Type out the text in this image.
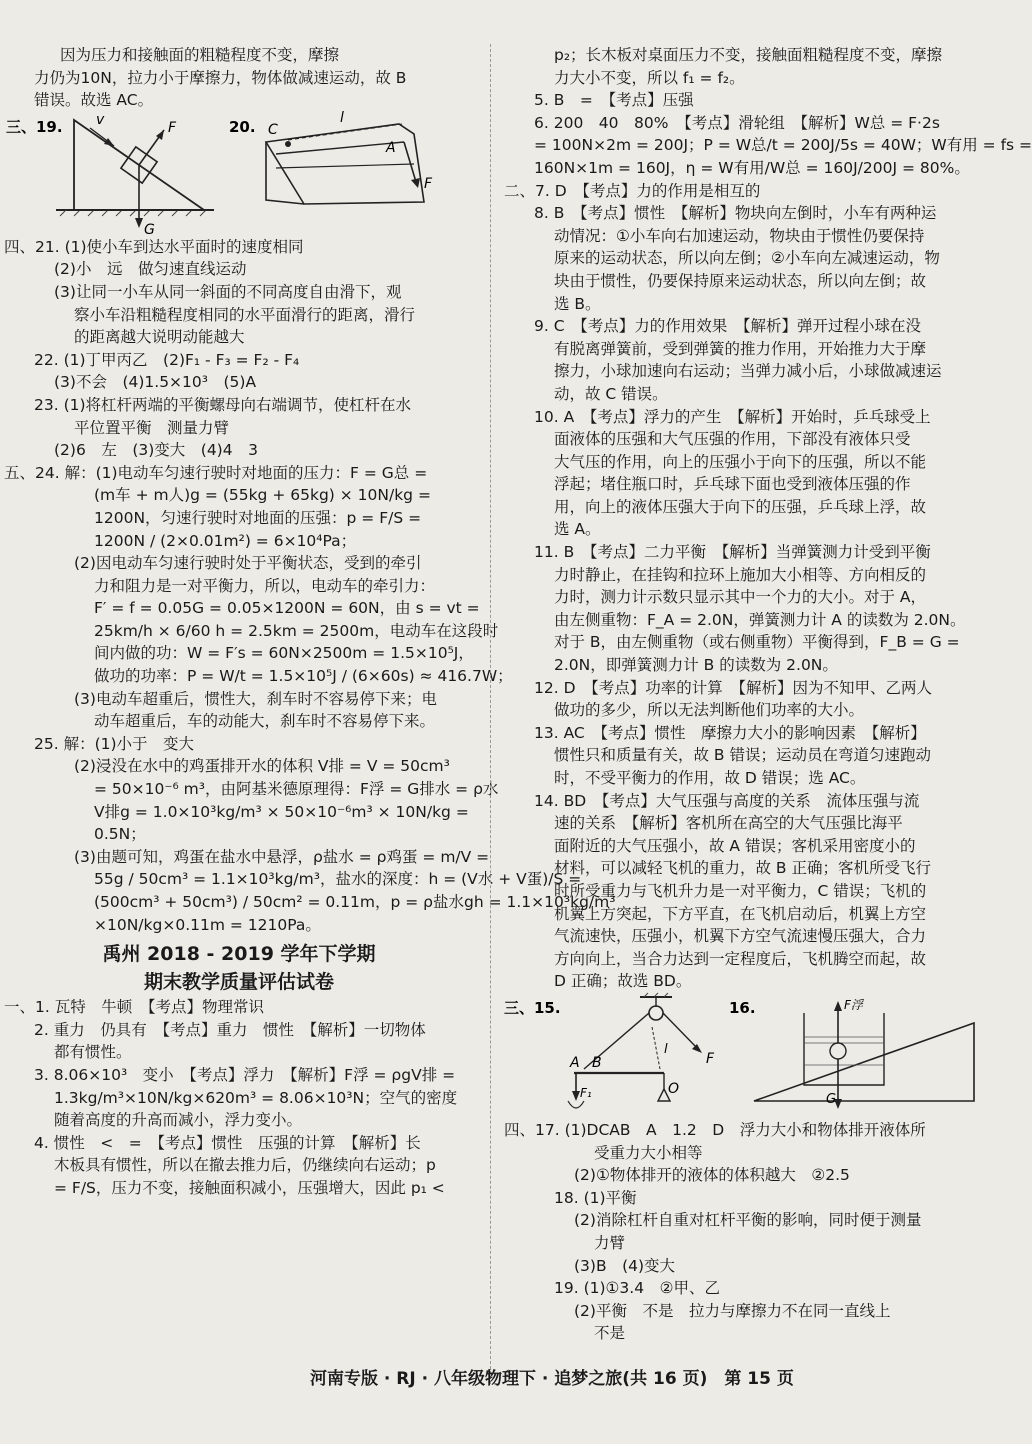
因为压力和接触面的粗糙程度不变，摩擦
力仍为10N，拉力小于摩擦力，物体做减速运动，故 B
错误。故选 AC。
三、19.	F
v
G
20. C
l
A
F
四、21. (1)使小车到达水平面时的速度相同
(2)小　远　做匀速直线运动
(3)让同一小车从同一斜面的不同高度自由滑下，观
察小车沿粗糙程度相同的水平面滑行的距离，滑行
的距离越大说明动能越大
22. (1)丁甲丙乙　(2)F₁ - F₃ = F₂ - F₄
(3)不会　(4)1.5×10³　(5)A
23. (1)将杠杆两端的平衡螺母向右端调节，使杠杆在水
平位置平衡　测量力臂
(2)6　左　(3)变大　(4)4　3
五、24. 解：(1)电动车匀速行驶时对地面的压力：F = G总 =
(m车 + m人)g = (55kg + 65kg) × 10N/kg =
1200N，匀速行驶时对地面的压强：p = F/S =
1200N / (2×0.01m²) = 6×10⁴Pa；
(2)因电动车匀速行驶时处于平衡状态，受到的牵引
力和阻力是一对平衡力，所以，电动车的牵引力：
F′ = f = 0.05G = 0.05×1200N = 60N，由 s = vt =
25km/h × 6/60 h = 2.5km = 2500m，电动车在这段时
间内做的功：W = F′s = 60N×2500m = 1.5×10⁵J，
做功的功率：P = W/t = 1.5×10⁵J / (6×60s) ≈ 416.7W；
(3)电动车超重后，惯性大，刹车时不容易停下来；电
动车超重后，车的动能大，刹车时不容易停下来。
25. 解：(1)小于　变大
(2)浸没在水中的鸡蛋排开水的体积 V排 = V = 50cm³
= 50×10⁻⁶ m³，由阿基米德原理得：F浮 = G排水 = ρ水
V排g = 1.0×10³kg/m³ × 50×10⁻⁶m³ × 10N/kg =
0.5N；
(3)由题可知，鸡蛋在盐水中悬浮，ρ盐水 = ρ鸡蛋 = m/V =
55g / 50cm³ = 1.1×10³kg/m³，盐水的深度：h = (V水 + V蛋)/S =
(500cm³ + 50cm³) / 50cm² = 0.11m，p = ρ盐水gh = 1.1×10³kg/m³
×10N/kg×0.11m = 1210Pa。
禹州 2018 - 2019 学年下学期
期末教学质量评估试卷
一、1. 瓦特　牛顿　【考点】物理常识
2. 重力　仍具有　【考点】重力　惯性　【解析】一切物体
都有惯性。
3. 8.06×10³　变小　【考点】浮力　【解析】F浮 = ρgV排 =
1.3kg/m³×10N/kg×620m³ = 8.06×10³N；空气的密度
随着高度的升高而减小，浮力变小。
4. 惯性　<　=　【考点】惯性　压强的计算　【解析】长
木板具有惯性，所以在撤去推力后，仍继续向右运动；p
= F/S，压力不变，接触面积减小，压强增大，因此 p₁ <
p₂；长木板对桌面压力不变，接触面粗糙程度不变，摩擦
力大小不变，所以 f₁ = f₂。
5. B　=　【考点】压强
6. 200　40　80%　【考点】滑轮组　【解析】W总 = F·2s
= 100N×2m = 200J；P = W总/t = 200J/5s = 40W；W有用 = fs =
160N×1m = 160J，η = W有用/W总 = 160J/200J = 80%。
二、7. D　【考点】力的作用是相互的
8. B　【考点】惯性　【解析】物块向左倒时，小车有两种运
动情况：①小车向右加速运动，物块由于惯性仍要保持
原来的运动状态，所以向左倒；②小车向左减速运动，物
块由于惯性，仍要保持原来运动状态，所以向左倒；故
选 B。
9. C　【考点】力的作用效果　【解析】弹开过程小球在没
有脱离弹簧前，受到弹簧的推力作用，开始推力大于摩
擦力，小球加速向右运动；当弹力减小后，小球做减速运
动，故 C 错误。
10. A　【考点】浮力的产生　【解析】开始时，乒乓球受上
面液体的压强和大气压强的作用，下部没有液体只受
大气压的作用，向上的压强小于向下的压强，所以不能
浮起；堵住瓶口时，乒乓球下面也受到液体压强的作
用，向上的液体压强大于向下的压强，乒乓球上浮，故
选 A。
11. B　【考点】二力平衡　【解析】当弹簧测力计受到平衡
力时静止，在挂钩和拉环上施加大小相等、方向相反的
力时，测力计示数只显示其中一个力的大小。对于 A，
由左侧重物：F_A = 2.0N，弹簧测力计 A 的读数为 2.0N。
对于 B，由左侧重物（或右侧重物）平衡得到，F_B = G =
2.0N，即弹簧测力计 B 的读数为 2.0N。
12. D　【考点】功率的计算　【解析】因为不知甲、乙两人
做功的多少，所以无法判断他们功率的大小。
13. AC　【考点】惯性　摩擦力大小的影响因素　【解析】
惯性只和质量有关，故 B 错误；运动员在弯道匀速跑动
时，不受平衡力的作用，故 D 错误；选 AC。
14. BD　【考点】大气压强与高度的关系　流体压强与流
速的关系　【解析】客机所在高空的大气压强比海平
面附近的大气压强小，故 A 错误；客机采用密度小的
材料，可以减轻飞机的重力，故 B 正确；客机所受飞行
时所受重力与飞机升力是一对平衡力，C 错误；飞机的
机翼上方突起，下方平直，在飞机启动后，机翼上方空
气流速快，压强小，机翼下方空气流速慢压强大，合力
方向向上，当合力达到一定程度后，飞机腾空而起，故
D 正确；故选 BD。
三、15.
F
l
A B
O
F₁
16.	F浮
G
四、17. (1)DCAB　A　1.2　D　浮力大小和物体排开液体所
受重力大小相等
(2)①物体排开的液体的体积越大　②2.5
18. (1)平衡
(2)消除杠杆自重对杠杆平衡的影响，同时便于测量
力臂
(3)B　(4)变大
19. (1)①3.4　②甲、乙
(2)平衡　不是　拉力与摩擦力不在同一直线上
不是
河南专版 · RJ · 八年级物理下 · 追梦之旅(共 16 页)　第 15 页
